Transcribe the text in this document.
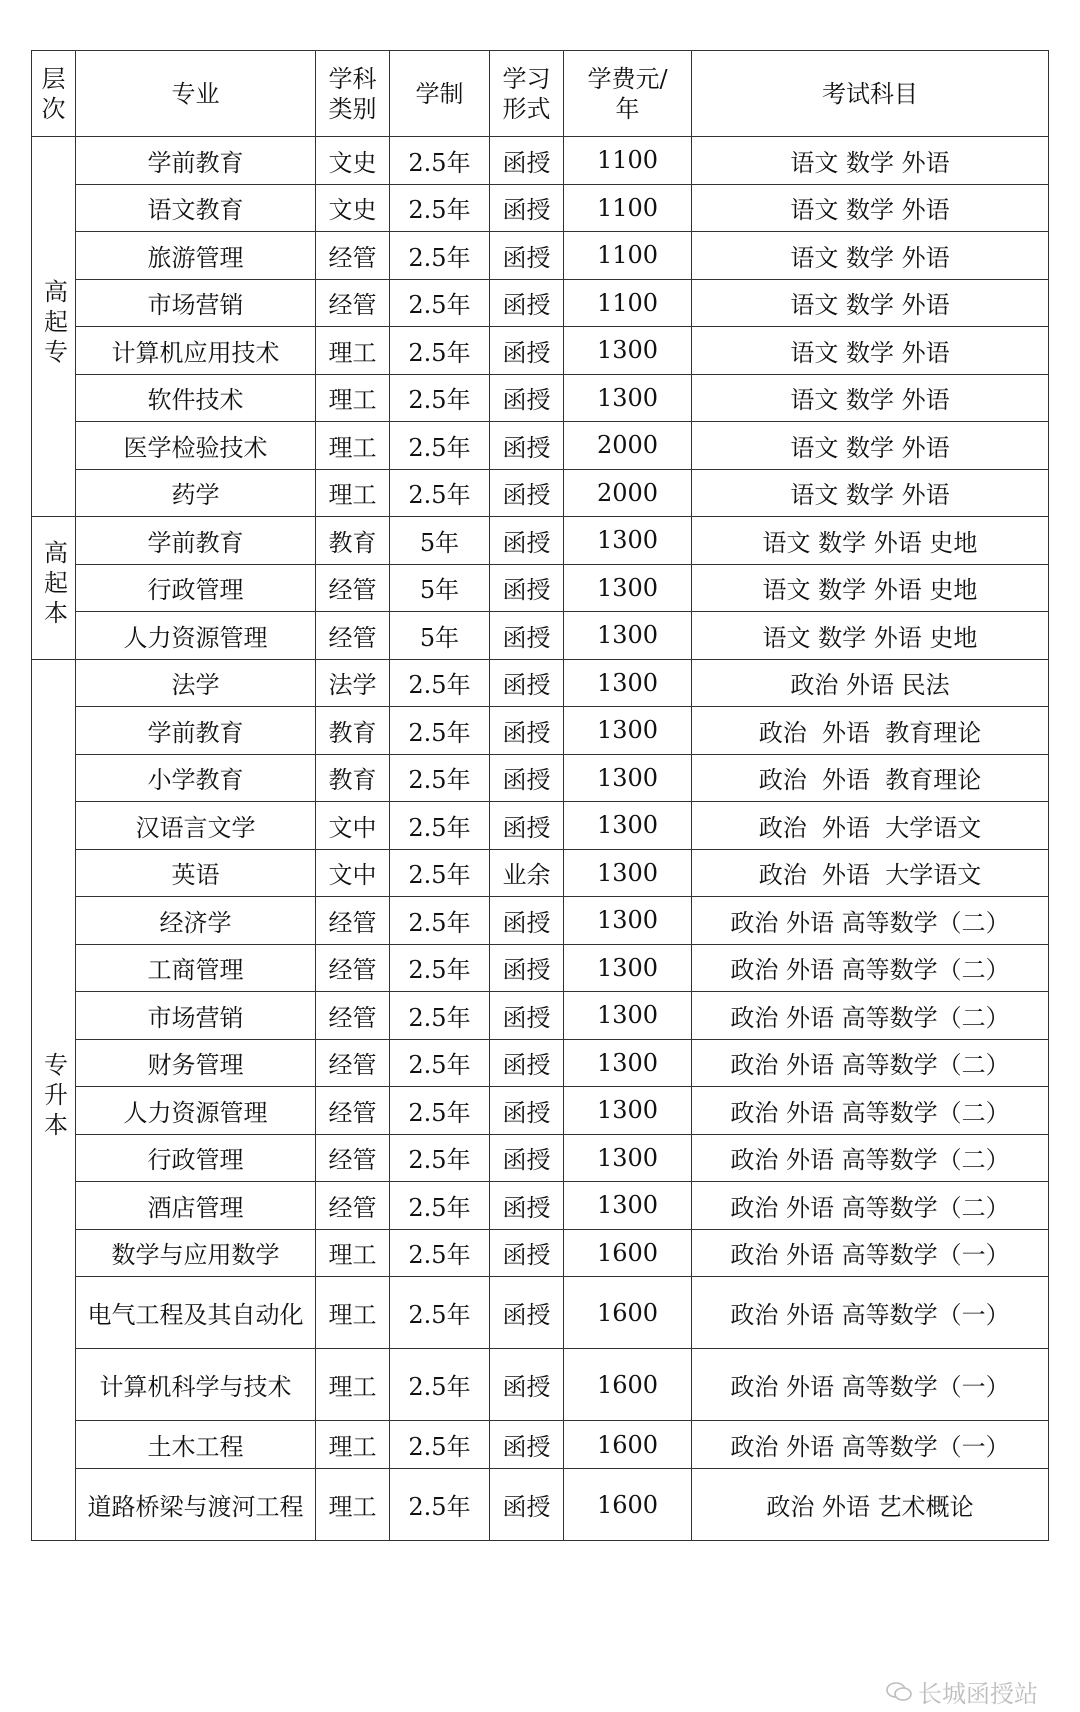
层次	专业	学科类别	学制	学习形式	学费元/年	考试科目
高起专	学前教育	文史	2.5年	函授	1100	语文 数学 外语
	语文教育	文史	2.5年	函授	1100	语文 数学 外语
	旅游管理	经管	2.5年	函授	1100	语文 数学 外语
	市场营销	经管	2.5年	函授	1100	语文 数学 外语
	计算机应用技术	理工	2.5年	函授	1300	语文 数学 外语
	软件技术	理工	2.5年	函授	1300	语文 数学 外语
	医学检验技术	理工	2.5年	函授	2000	语文 数学 外语
	药学	理工	2.5年	函授	2000	语文 数学 外语
高起本	学前教育	教育	5年	函授	1300	语文 数学 外语 史地
	行政管理	经管	5年	函授	1300	语文 数学 外语 史地
	人力资源管理	经管	5年	函授	1300	语文 数学 外语 史地
专升本	法学	法学	2.5年	函授	1300	政治 外语 民法
	学前教育	教育	2.5年	函授	1300	政治  外语  教育理论
	小学教育	教育	2.5年	函授	1300	政治  外语  教育理论
	汉语言文学	文中	2.5年	函授	1300	政治  外语  大学语文
	英语	文中	2.5年	业余	1300	政治  外语  大学语文
	经济学	经管	2.5年	函授	1300	政治 外语 高等数学（二）
	工商管理	经管	2.5年	函授	1300	政治 外语 高等数学（二）
	市场营销	经管	2.5年	函授	1300	政治 外语 高等数学（二）
	财务管理	经管	2.5年	函授	1300	政治 外语 高等数学（二）
	人力资源管理	经管	2.5年	函授	1300	政治 外语 高等数学（二）
	行政管理	经管	2.5年	函授	1300	政治 外语 高等数学（二）
	酒店管理	经管	2.5年	函授	1300	政治 外语 高等数学（二）
	数学与应用数学	理工	2.5年	函授	1600	政治 外语 高等数学（一）
	电气工程及其自动化	理工	2.5年	函授	1600	政治 外语 高等数学（一）
	计算机科学与技术	理工	2.5年	函授	1600	政治 外语 高等数学（一）
	土木工程	理工	2.5年	函授	1600	政治 外语 高等数学（一）
	道路桥梁与渡河工程	理工	2.5年	函授	1600	政治 外语 艺术概论
长城函授站
